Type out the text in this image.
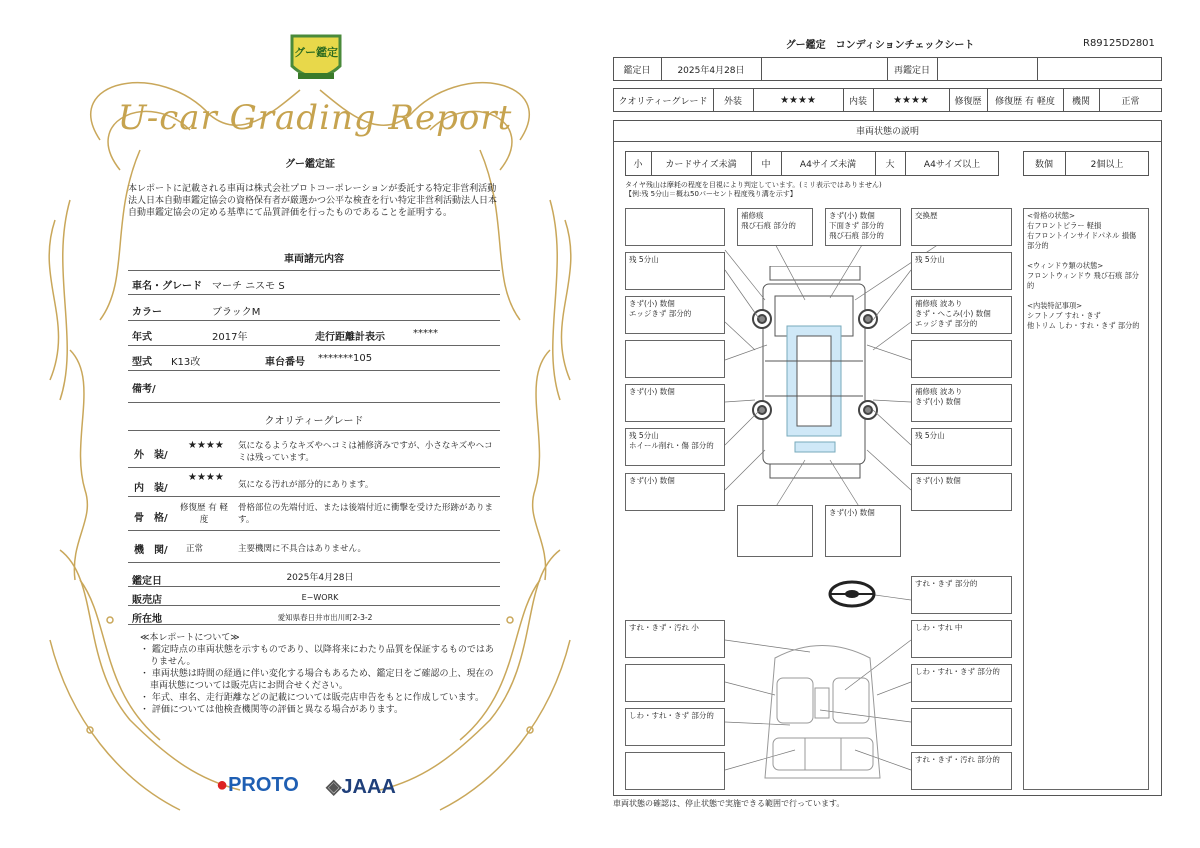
グー鑑定
U-car Grading Report
グー鑑定証
本レポートに記載される車両は株式会社プロトコーポレーションが委託する特定非営利活動法人日本自動車鑑定協会の資格保有者が厳選かつ公平な検査を行い特定非営利活動法人日本自動車鑑定協会の定める基準にて品質評価を行ったものであることを証明する。
車両諸元内容
車名・グレード マーチ ニスモ S
カラー	ブラックM
年式	2017年	走行距離計表示	*****
型式 K13改	車台番号 *******105
備考/
クオリティーグレード
外　装/
★★★★ 気になるようなキズやヘコミは補修済みですが、小さなキズやヘコミは残っています。
内　装/
★★★★
気になる汚れが部分的にあります。
骨　格/
修復歴 有 軽度
骨格部位の先端付近、または後端付近に衝撃を受けた形跡があります。
機　関/ 正常	主要機関に不具合はありません。
鑑定日	2025年4月28日
販売店	E−WORK
所在地	愛知県春日井市出川町2-3-2
≪本レポートについて≫
・ 鑑定時点の車両状態を示すものであり、以降将来にわたり品質を保証するものではありません。
・ 車両状態は時間の経過に伴い変化する場合もあるため、鑑定日をご確認の上、現在の車両状態については販売店にお問合せください。
・ 年式、車名、走行距離などの記載については販売店申告をもとに作成しています。
・ 評価については他検査機関等の評価と異なる場合があります。
●PROTO ◈JAAA
グー鑑定　コンディションチェックシート	R89125D2801
鑑定日	2025年4月28日	再鑑定日
クオリティーグレード	外装	★★★★	内装	★★★★	修復歴	修復歴 有 軽度	機関	正常
車両状態の説明
小	カードサイズ未満	中	A4サイズ未満	大	A4サイズ以上	数個	2個以上
タイヤ残山は摩耗の程度を目視により判定しています。(ミリ表示ではありません)
【例:残 5分山＝概ね50パーセント程度残り溝を示す】
補修痕
飛び石痕 部分的
きず(小) 数個
下面きず 部分的
飛び石痕 部分的
交換歴
残 5分山	残 5分山
きず(小) 数個
エッジきず 部分的
補修痕 波あり
きず・へこみ(小) 数個
エッジきず 部分的
きず(小) 数個	補修痕 波あり
きず(小) 数個
残 5分山
ホイール削れ・傷 部分的
残 5分山
きず(小) 数個	きず(小) 数個
きず(小) 数個
<骨格の状態>
右フロントピラー 軽損
右フロントインサイドパネル 損傷 部分的

<ウィンドウ類の状態>
フロントウィンドウ 飛び石痕 部分的

<内装特記事項>
シフトノブ すれ・きず
他トリム しわ・すれ・きず 部分的
すれ・きず 部分的
すれ・きず・汚れ 小	しわ・すれ 中
しわ・すれ・きず 部分的
しわ・すれ・きず 部分的
すれ・きず・汚れ 部分的
車両状態の確認は、停止状態で実施できる範囲で行っています。
